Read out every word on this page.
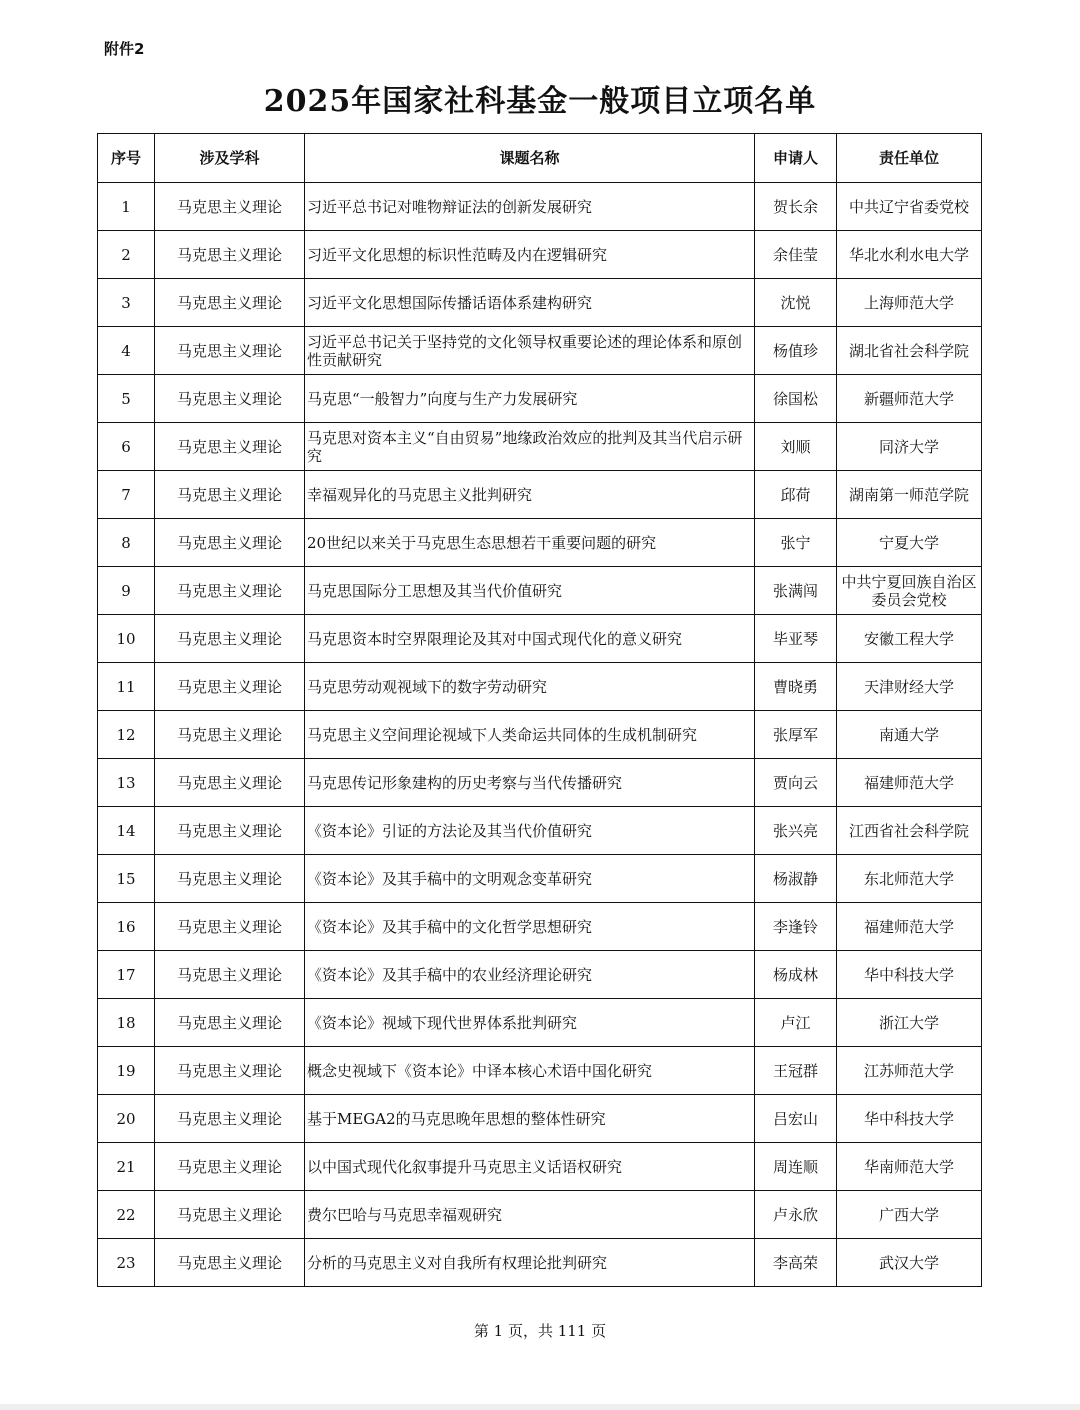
附件2
2025年国家社科基金一般项目立项名单
序号	涉及学科	课题名称	申请人	责任单位
1	马克思主义理论	习近平总书记对唯物辩证法的创新发展研究	贺长余	中共辽宁省委党校
2	马克思主义理论	习近平文化思想的标识性范畴及内在逻辑研究	余佳莹	华北水利水电大学
3	马克思主义理论	习近平文化思想国际传播话语体系建构研究	沈悦	上海师范大学
4	马克思主义理论	习近平总书记关于坚持党的文化领导权重要论述的理论体系和原创性贡献研究	杨值珍	湖北省社会科学院
5	马克思主义理论	马克思“一般智力”向度与生产力发展研究	徐国松	新疆师范大学
6	马克思主义理论	马克思对资本主义“自由贸易”地缘政治效应的批判及其当代启示研究	刘顺	同济大学
7	马克思主义理论	幸福观异化的马克思主义批判研究	邱荷	湖南第一师范学院
8	马克思主义理论	20世纪以来关于马克思生态思想若干重要问题的研究	张宁	宁夏大学
9	马克思主义理论	马克思国际分工思想及其当代价值研究	张满闯	中共宁夏回族自治区委员会党校
10	马克思主义理论	马克思资本时空界限理论及其对中国式现代化的意义研究	毕亚琴	安徽工程大学
11	马克思主义理论	马克思劳动观视域下的数字劳动研究	曹晓勇	天津财经大学
12	马克思主义理论	马克思主义空间理论视域下人类命运共同体的生成机制研究	张厚军	南通大学
13	马克思主义理论	马克思传记形象建构的历史考察与当代传播研究	贾向云	福建师范大学
14	马克思主义理论	《资本论》引证的方法论及其当代价值研究	张兴亮	江西省社会科学院
15	马克思主义理论	《资本论》及其手稿中的文明观念变革研究	杨淑静	东北师范大学
16	马克思主义理论	《资本论》及其手稿中的文化哲学思想研究	李逢铃	福建师范大学
17	马克思主义理论	《资本论》及其手稿中的农业经济理论研究	杨成林	华中科技大学
18	马克思主义理论	《资本论》视域下现代世界体系批判研究	卢江	浙江大学
19	马克思主义理论	概念史视域下《资本论》中译本核心术语中国化研究	王冠群	江苏师范大学
20	马克思主义理论	基于MEGA2的马克思晚年思想的整体性研究	吕宏山	华中科技大学
21	马克思主义理论	以中国式现代化叙事提升马克思主义话语权研究	周连顺	华南师范大学
22	马克思主义理论	费尔巴哈与马克思幸福观研究	卢永欣	广西大学
23	马克思主义理论	分析的马克思主义对自我所有权理论批判研究	李高荣	武汉大学
第 1 页，共 111 页
